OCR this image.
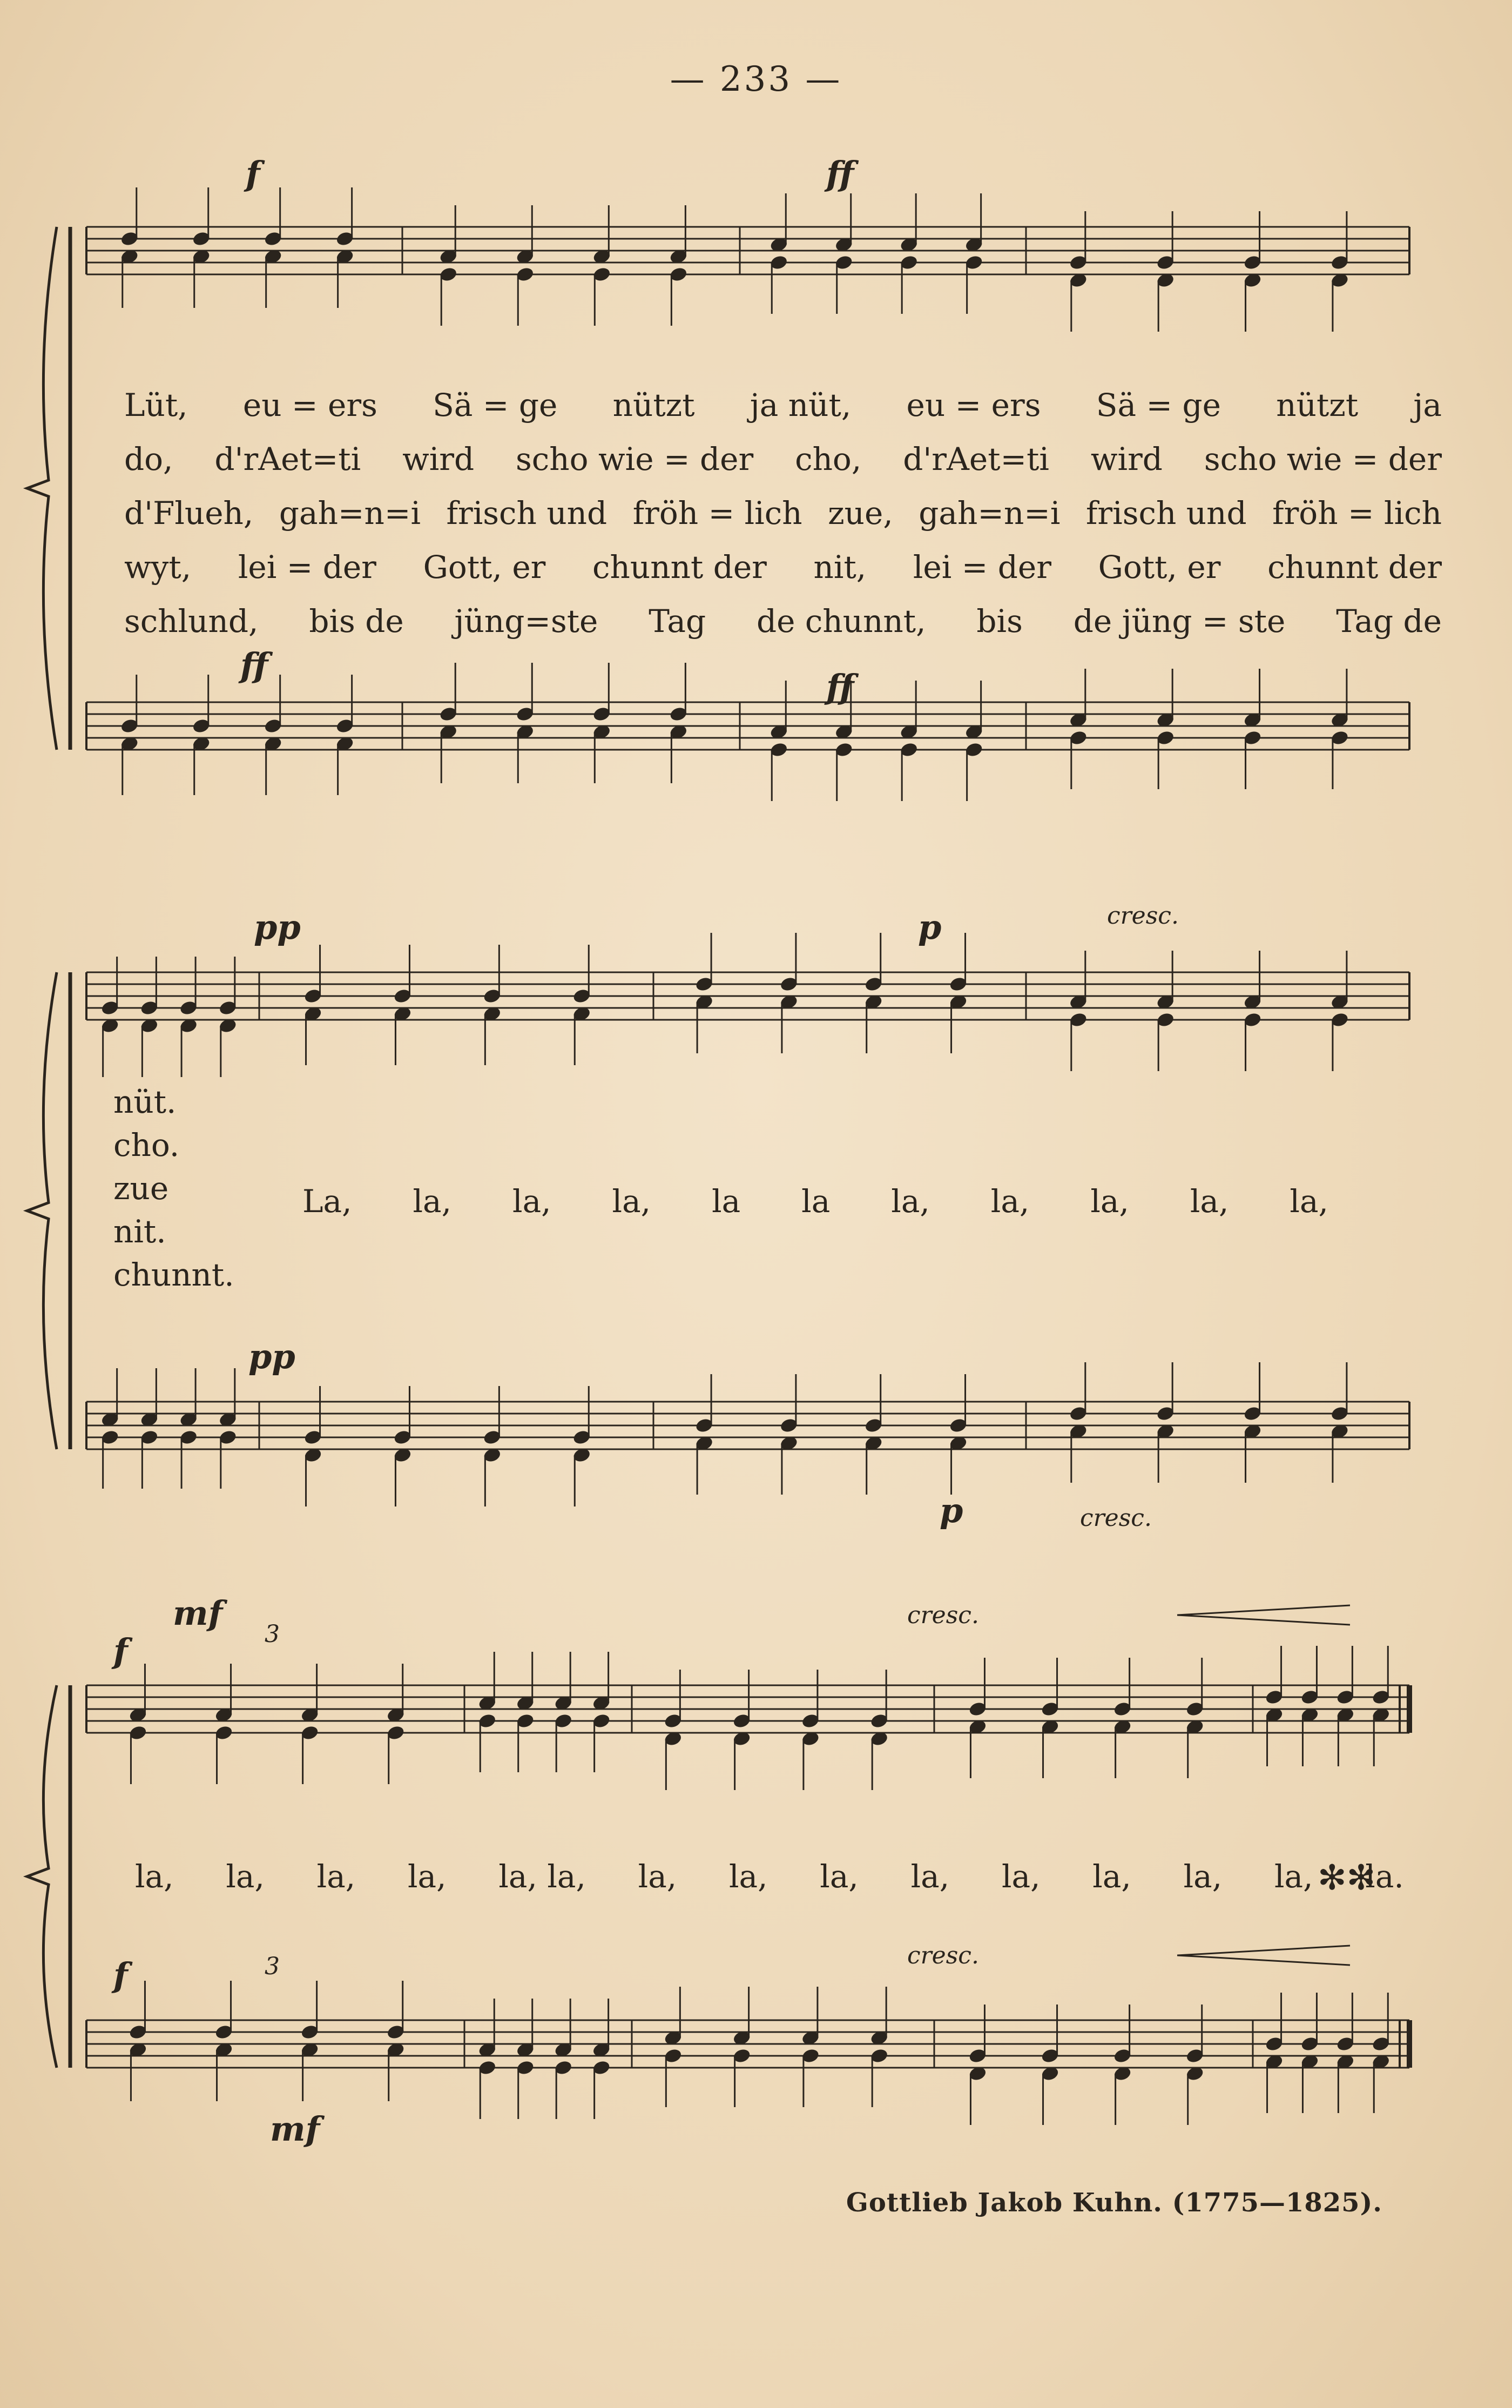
— 233 —
Lüt, eu = ers Sä = ge nützt ja nüt, eu = ers Sä = ge nützt ja
do, d'rAet=ti wird scho wie = der cho, d'rAet=ti wird scho wie = der
d'Flueh, gah=n=i frisch und fröh = lich zue, gah=n=i frisch und fröh = lich
wyt, lei = der Gott, er chunnt der nit, lei = der Gott, er chunnt der
schlund, bis de jüng=ste Tag de chunnt, bis de jüng = ste Tag de
nüt.
cho.
zue
nit.
chunnt.
La, la, la, la, la la la, la, la, la, la,
la, la, la, la, la, la, la, la, la, la, la, la, la, la, la.
✻✻
f	ff
ff
ff
pp	p	cresc.
pp
p	cresc.
mf
f
cresc.
3
f	3	cresc.
mf
Gottlieb Jakob Kuhn. (1775—1825).
